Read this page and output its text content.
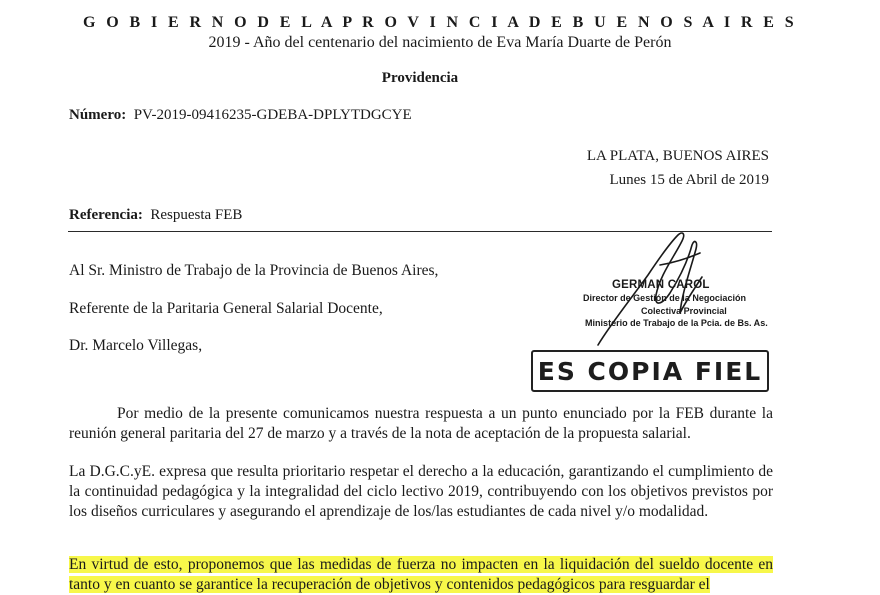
G O B I E R N O D E L A P R O V I N C I A D E B U E N O S A I R E S
2019 - Año del centenario del nacimiento de Eva María Duarte de Perón
Providencia
Número: PV-2019-09416235-GDEBA-DPLYTDGCYE
LA PLATA, BUENOS AIRES
Lunes 15 de Abril de 2019
Referencia: Respuesta FEB
Al Sr. Ministro de Trabajo de la Provincia de Buenos Aires,
Referente de la Paritaria General Salarial Docente,
Dr. Marcelo Villegas,
GERMAN CAROL
Director de Gestión de la Negociación
Colectiva Provincial
Ministerio de Trabajo de la Pcia. de Bs. As.
ES COPIA FIEL
Por medio de la presente comunicamos nuestra respuesta a un punto enunciado por la FEB durante la reunión general paritaria del 27 de marzo y a través de la nota de aceptación de la propuesta salarial.
La D.G.C.yE. expresa que resulta prioritario respetar el derecho a la educación, garantizando el cumplimiento de la continuidad pedagógica y la integralidad del ciclo lectivo 2019, contribuyendo con los objetivos previstos por los diseños curriculares y asegurando el aprendizaje de los/las estudiantes de cada nivel y/o modalidad.
En virtud de esto, proponemos que las medidas de fuerza no impacten en la liquidación del sueldo docente en tanto y en cuanto se garantice la recuperación de objetivos y contenidos pedagógicos para resguardar el
